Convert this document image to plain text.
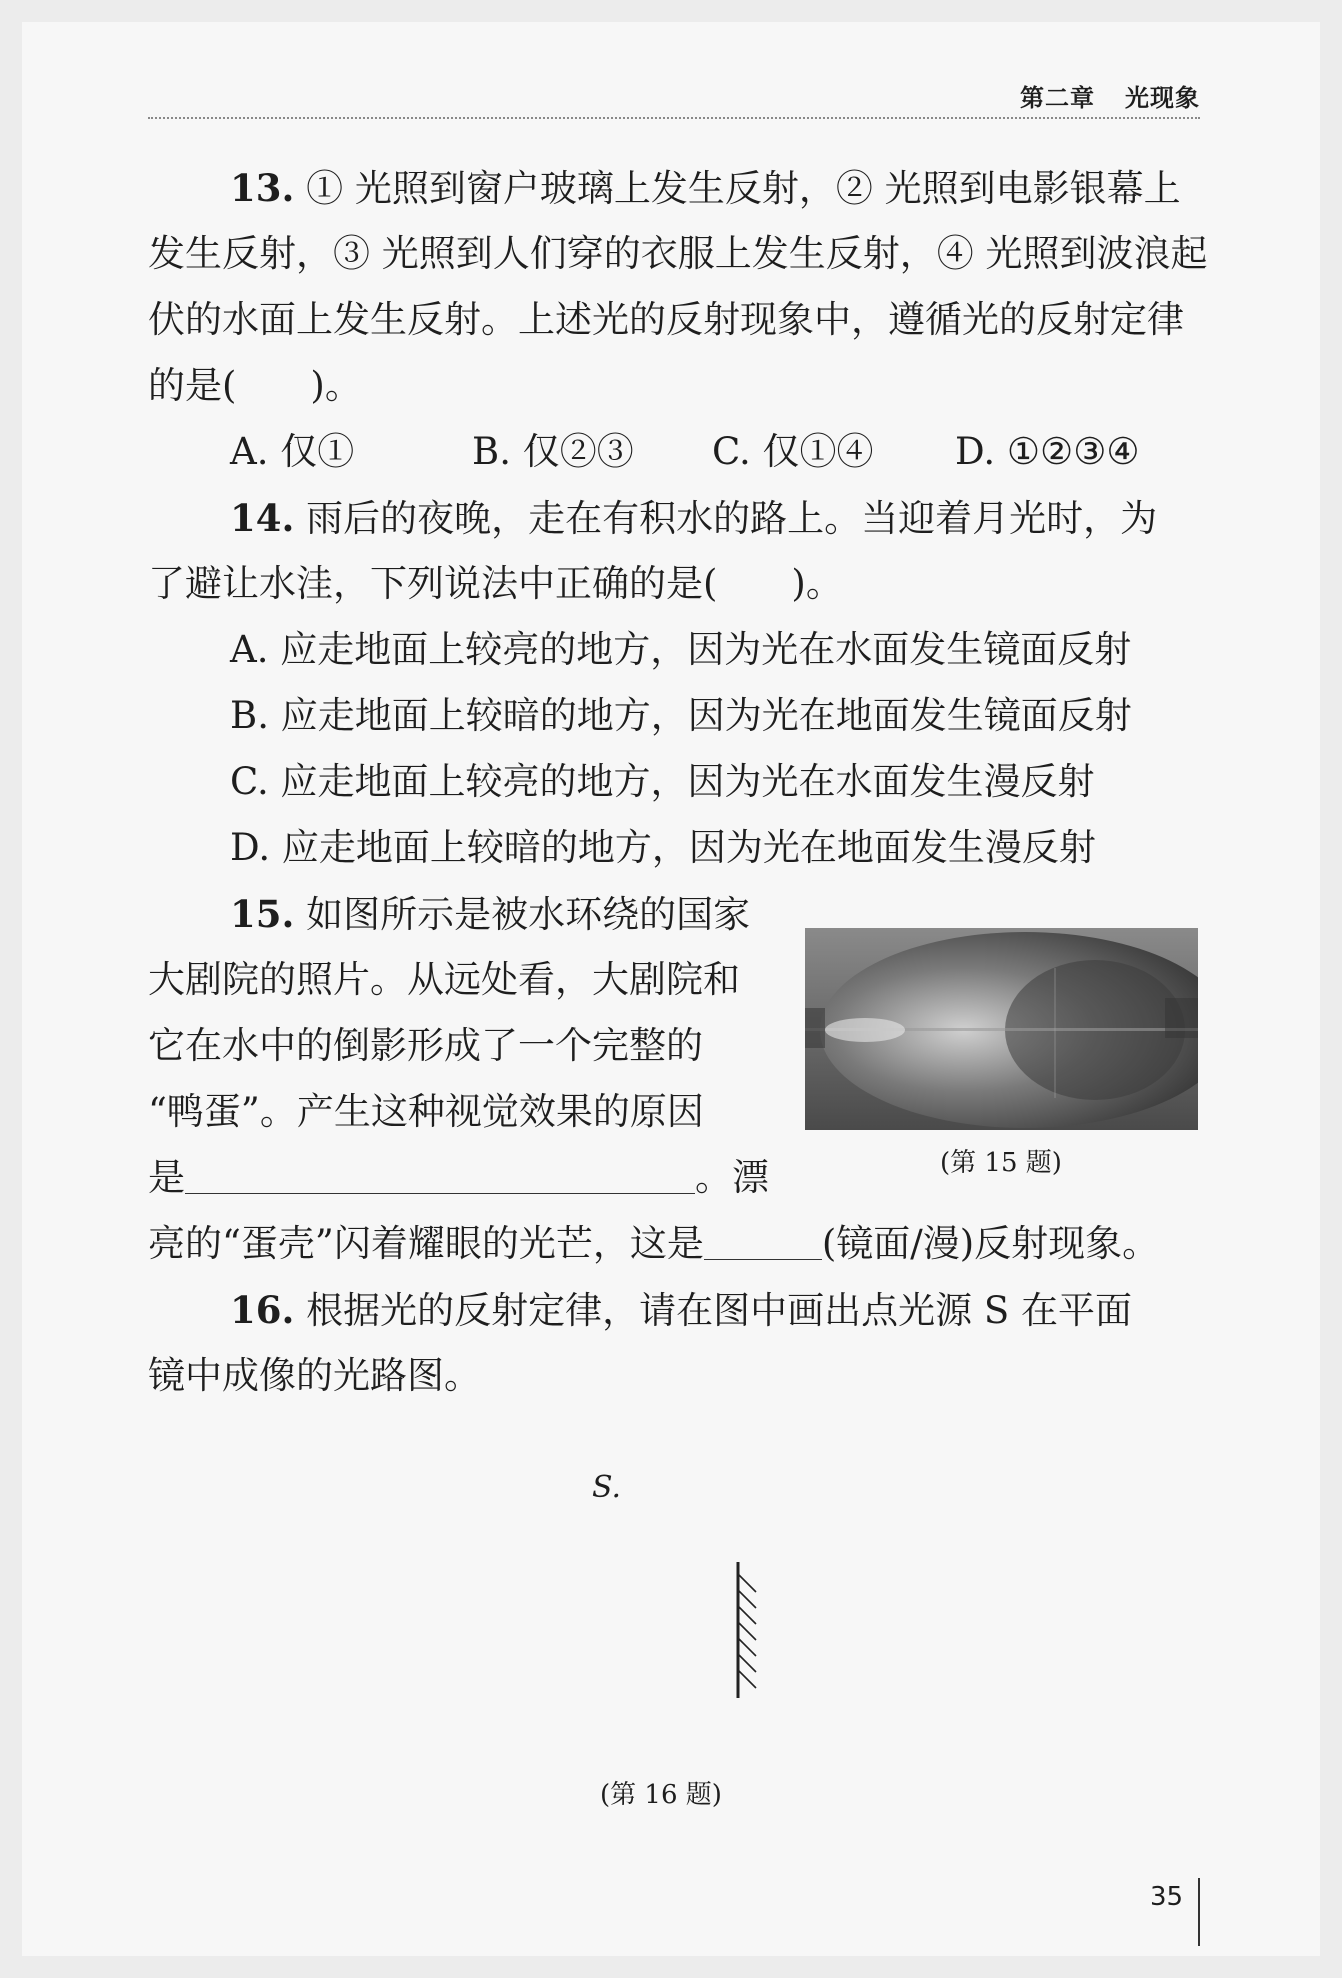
第二章 光现象
13. ① 光照到窗户玻璃上发生反射，② 光照到电影银幕上
发生反射，③ 光照到人们穿的衣服上发生反射，④ 光照到波浪起
伏的水面上发生反射。上述光的反射现象中，遵循光的反射定律
的是(　　)。
A. 仅①	B. 仅②③ C. 仅①④ D. ①②③④
14. 雨后的夜晚，走在有积水的路上。当迎着月光时，为
了避让水洼，下列说法中正确的是(　　)。
A. 应走地面上较亮的地方，因为光在水面发生镜面反射
B. 应走地面上较暗的地方，因为光在地面发生镜面反射
C. 应走地面上较亮的地方，因为光在水面发生漫反射
D. 应走地面上较暗的地方，因为光在地面发生漫反射
15. 如图所示是被水环绕的国家
大剧院的照片。从远处看，大剧院和
它在水中的倒影形成了一个完整的
“鸭蛋”。产生这种视觉效果的原因
是	。漂
亮的“蛋壳”闪着耀眼的光芒，这是	(镜面/漫)反射现象。
(第 15 题)
16. 根据光的反射定律，请在图中画出点光源 S 在平面
镜中成像的光路图。
S.
(第 16 题)
35
